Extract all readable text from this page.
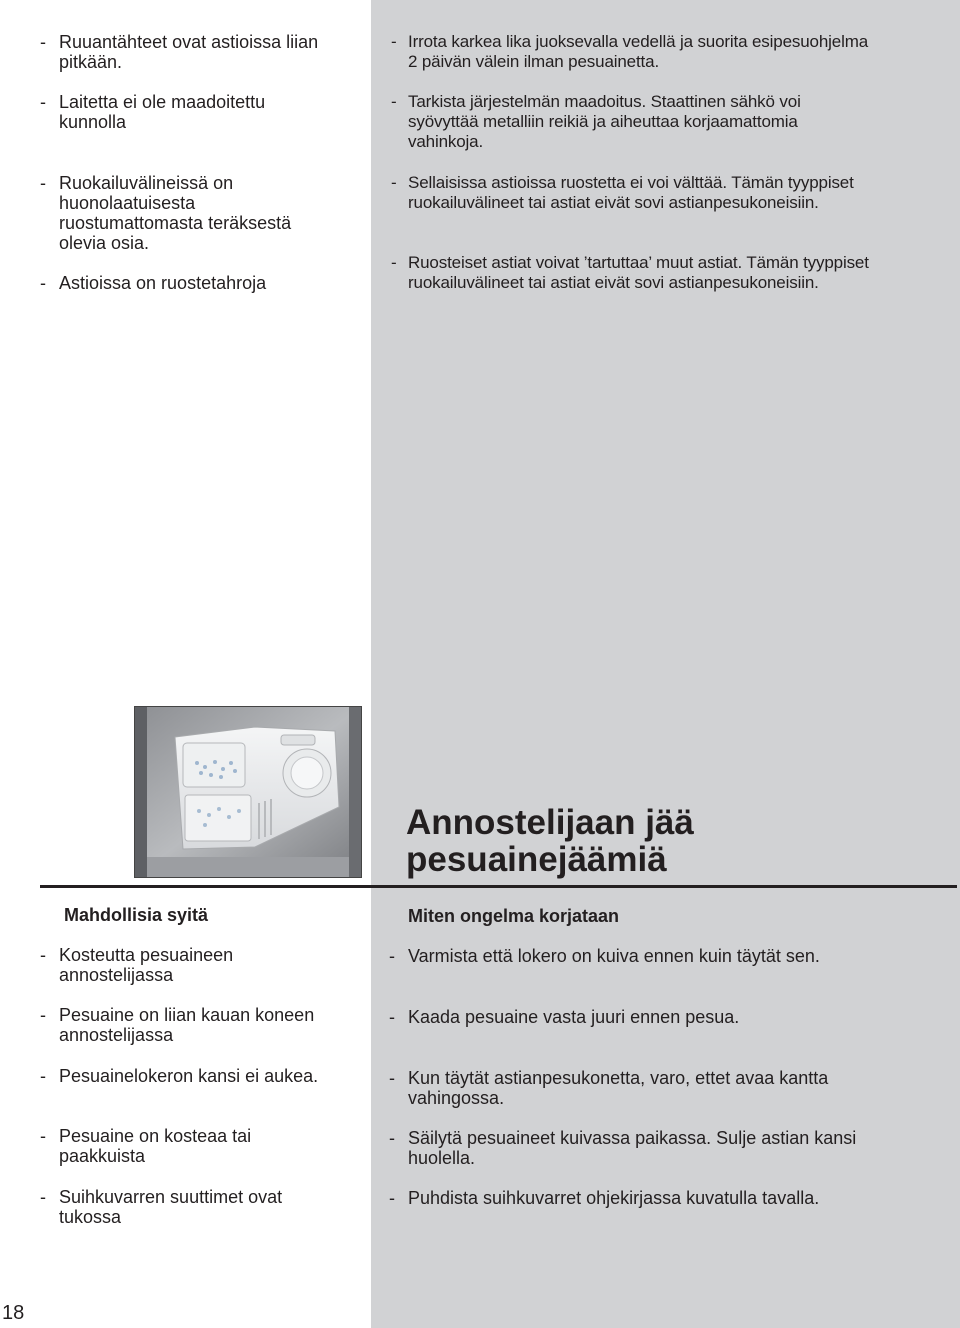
- Ruuantähteet ovat astioissa liian
pitkään.
- Laitetta ei ole maadoitettu
kunnolla
- Ruokailuvälineissä on
huonolaatuisesta
ruostumattomasta teräksestä
olevia osia.
- Astioissa on ruostetahroja
- Irrota karkea lika juoksevalla vedellä ja suorita esipesuohjelma
2 päivän välein ilman pesuainetta.
- Tarkista järjestelmän maadoitus. Staattinen sähkö voi
syövyttää metalliin reikiä ja aiheuttaa korjaamattomia
vahinkoja.
- Sellaisissa astioissa ruostetta ei voi välttää. Tämän tyyppiset
ruokailuvälineet tai astiat eivät sovi astianpesukoneisiin.
- Ruosteiset astiat voivat ’tartuttaa’ muut astiat. Tämän tyyppiset
ruokailuvälineet tai astiat eivät sovi astianpesukoneisiin.
Annostelijaan jää
pesuainejäämiä
Mahdollisia syitä	Miten ongelma korjataan
- Kosteutta pesuaineen
annostelijassa
- Pesuaine on liian kauan koneen
annostelijassa
- Pesuainelokeron kansi ei aukea.
- Pesuaine on kosteaa tai
paakkuista
- Suihkuvarren suuttimet ovat
tukossa
- Varmista että lokero on kuiva ennen kuin täytät sen.
- Kaada pesuaine vasta juuri ennen pesua.
- Kun täytät astianpesukonetta, varo, ettet avaa kantta
vahingossa.
- Säilytä pesuaineet kuivassa paikassa. Sulje astian kansi
huolella.
- Puhdista suihkuvarret ohjekirjassa kuvatulla tavalla.
18
